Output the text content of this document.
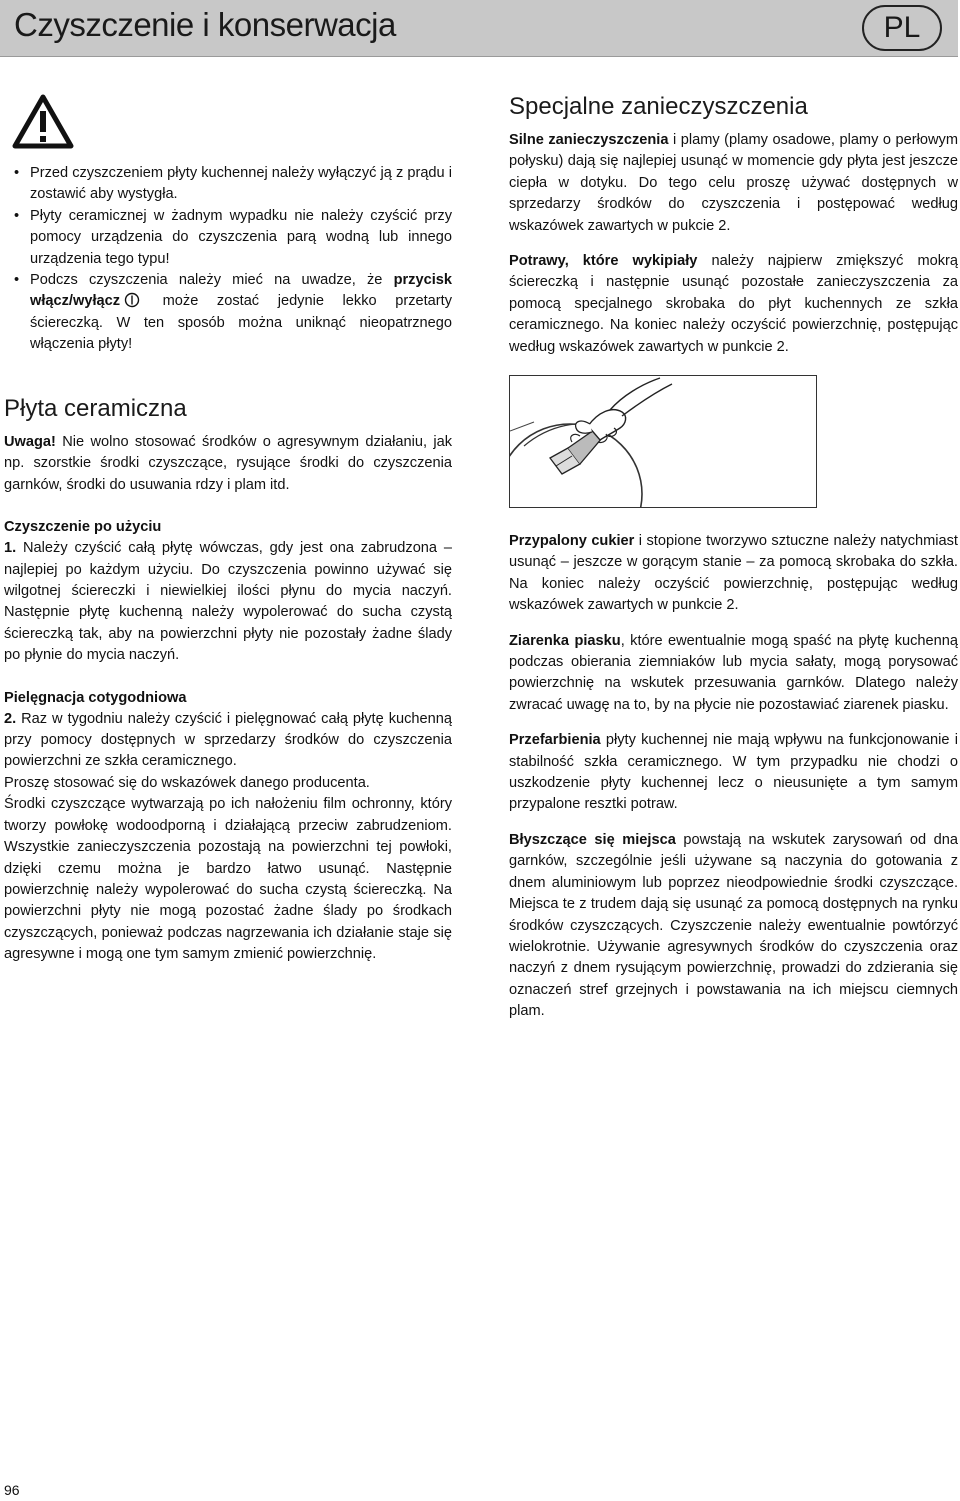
Czyszczenie i konserwacja	PL
• Przed czyszczeniem płyty kuchennej należy wyłączyć ją z prądu i zostawić aby wystygła.
• Płyty ceramicznej w żadnym wypadku nie należy czyścić przy pomocy urządzenia do czyszczenia parą wodną lub innego urządzenia tego typu!
• Podczs czyszczenia należy mieć na uwadze, że przycisk włącz/wyłącz może zostać jedynie lekko przetarty ściereczką. W ten sposób można uniknąć nieopatrznego włączenia płyty!
Płyta ceramiczna

Uwaga! Nie wolno stosować środków o agresywnym działaniu, jak np. szorstkie środki czyszczące, rysujące środki do czyszczenia garnków, środki do usuwania rdzy i plam itd.

Czyszczenie po użyciu

1. Należy czyścić całą płytę wówczas, gdy jest ona zabrudzona – najlepiej po każdym użyciu. Do czyszczenia powinno używać się wilgotnej ściereczki i niewielkiej ilości płynu do mycia naczyń. Następnie płytę kuchenną należy wypolerować do sucha czystą ściereczką tak, aby na powierzchni płyty nie pozostały żadne ślady po płynie do mycia naczyń.

Pielęgnacja cotygodniowa

2. Raz w tygodniu należy czyścić i pielęgnować całą płytę kuchenną przy pomocy dostępnych w sprzedarzy środków do czyszczenia powierzchni ze szkła ceramicznego.

Proszę stosować się do wskazówek danego producenta.

Środki czyszczące wytwarzają po ich nałożeniu film ochronny, który tworzy powłokę wodoodporną i działającą przeciw zabrudzeniom. Wszystkie zanieczyszczenia pozostają na powierzchni tej powłoki, dzięki czemu można je bardzo łatwo usunąć. Następnie powierzchnię należy wypolerować do sucha czystą ściereczką. Na powierzchni płyty nie mogą pozostać żadne ślady po środkach czyszczących, ponieważ podczas nagrzewania ich działanie staje się agresywne i mogą one tym samym zmienić powierzchnię.

Specjalne zanieczyszczenia

Silne zanieczyszczenia i plamy (plamy osadowe, plamy o perłowym połysku) dają się najlepiej usunąć w momencie gdy płyta jest jeszcze ciepła w dotyku. Do tego celu proszę używać dostępnych w sprzedarzy środków do czyszczenia i postępować według wskazówek zawartych w pukcie 2.

Potrawy, które wykipiały należy najpierw zmiększyć mokrą ściereczką i następnie usunąć pozostałe zanieczyszczenia za pomocą specjalnego skrobaka do płyt kuchennych ze szkła ceramicznego. Na koniec należy oczyścić powierzchnię, postępując według wskazówek zawartych w punkcie 2.

Przypalony cukier i stopione tworzywo sztuczne należy natychmiast usunąć – jeszcze w gorącym stanie – za pomocą skrobaka do szkła. Na koniec należy oczyścić powierzchnię, postępując według wskazówek zawartych w punkcie 2.

Ziarenka piasku, które ewentualnie mogą spaść na płytę kuchenną podczas obierania ziemniaków lub mycia sałaty, mogą porysować powierzchnię na wskutek przesuwania garnków. Dlatego należy zwracać uwagę na to, by na płycie nie pozostawiać ziarenek piasku.

Przefarbienia płyty kuchennej nie mają wpływu na funkcjonowanie i stabilność szkła ceramicznego. W tym przypadku nie chodzi o uszkodzenie płyty kuchennej lecz o nieusunięte a tym samym przypalone resztki potraw.

Błyszczące się miejsca powstają na wskutek zarysowań od dna garnków, szczególnie jeśli używane są naczynia do gotowania z dnem aluminiowym lub poprzez nieodpowiednie środki czyszczące. Miejsca te z trudem dają się usunąć za pomocą dostępnych na rynku środków czyszczących. Czyszczenie należy ewentualnie powtórzyć wielokrotnie. Używanie agresywnych środków do czyszczenia oraz naczyń z dnem rysującym powierzchnię, prowadzi do zdzierania się oznaczeń stref grzejnych i powstawania na ich miejscu ciemnych plam.

96
